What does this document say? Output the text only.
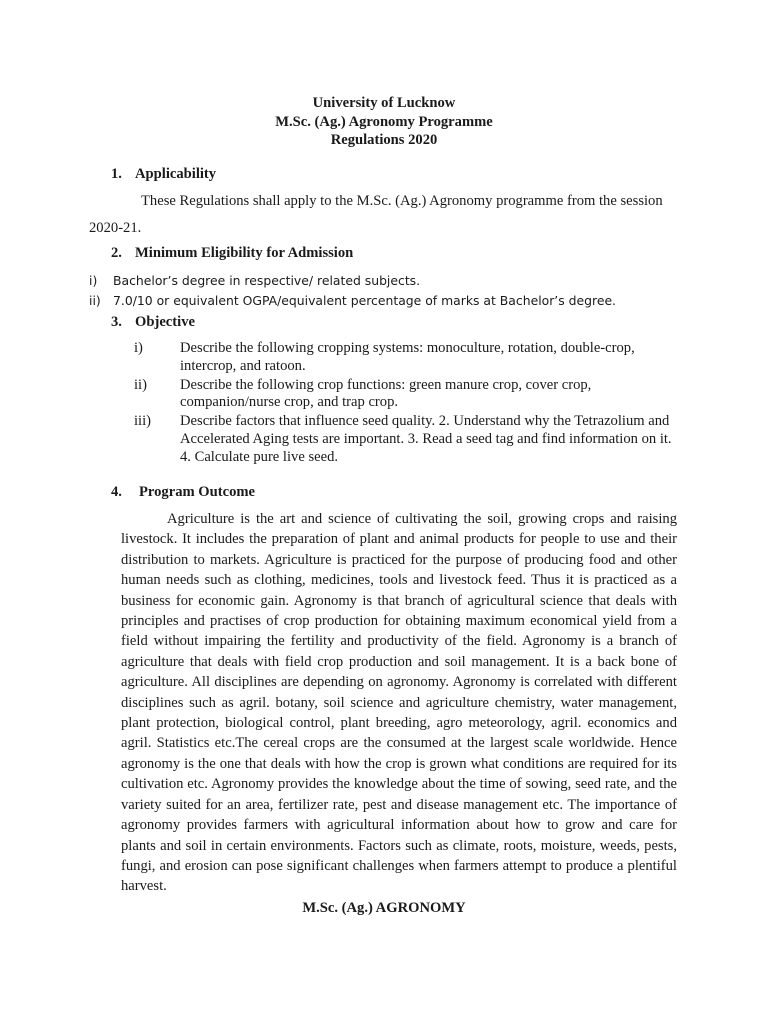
University of Lucknow
M.Sc. (Ag.) Agronomy Programme
Regulations 2020
1. Applicability
These Regulations shall apply to the M.Sc. (Ag.) Agronomy programme from the session
2020-21.
2. Minimum Eligibility for Admission
i) Bachelor’s degree in respective/ related subjects.
ii) 7.0/10 or equivalent OGPA/equivalent percentage of marks at Bachelor’s degree.
3. Objective
i)	Describe the following cropping systems: monoculture, rotation, double-crop, intercrop, and ratoon.
ii)	Describe the following crop functions: green manure crop, cover crop, companion/nurse crop, and trap crop.
iii)	Describe factors that influence seed quality. 2. Understand why the Tetrazolium and Accelerated Aging tests are important. 3. Read a seed tag and find information on it. 4. Calculate pure live seed.
4. Program Outcome

Agriculture is the art and science of cultivating the soil, growing crops and raising livestock. It includes the preparation of plant and animal products for people to use and their distribution to markets. Agriculture is practiced for the purpose of producing food and other human needs such as clothing, medicines, tools and livestock feed. Thus it is practiced as a business for economic gain. Agronomy is that branch of agricultural science that deals with principles and practises of crop production for obtaining maximum economical yield from a field without impairing the fertility and productivity of the field. Agronomy is a branch of agriculture that deals with field crop production and soil management. It is a back bone of agriculture. All disciplines are depending on agronomy. Agronomy is correlated with different disciplines such as agril. botany, soil science and agriculture chemistry, water management, plant protection, biological control, plant breeding, agro meteorology, agril. economics and agril. Statistics etc.The cereal crops are the consumed at the largest scale worldwide. Hence agronomy is the one that deals with how the crop is grown what conditions are required for its cultivation etc. Agronomy provides the knowledge about the time of sowing, seed rate, and the variety suited for an area, fertilizer rate, pest and disease management etc. The importance of agronomy provides farmers with agricultural information about how to grow and care for plants and soil in certain environments. Factors such as climate, roots, moisture, weeds, pests, fungi, and erosion can pose significant challenges when farmers attempt to produce a plentiful harvest.

M.Sc. (Ag.) AGRONOMY
